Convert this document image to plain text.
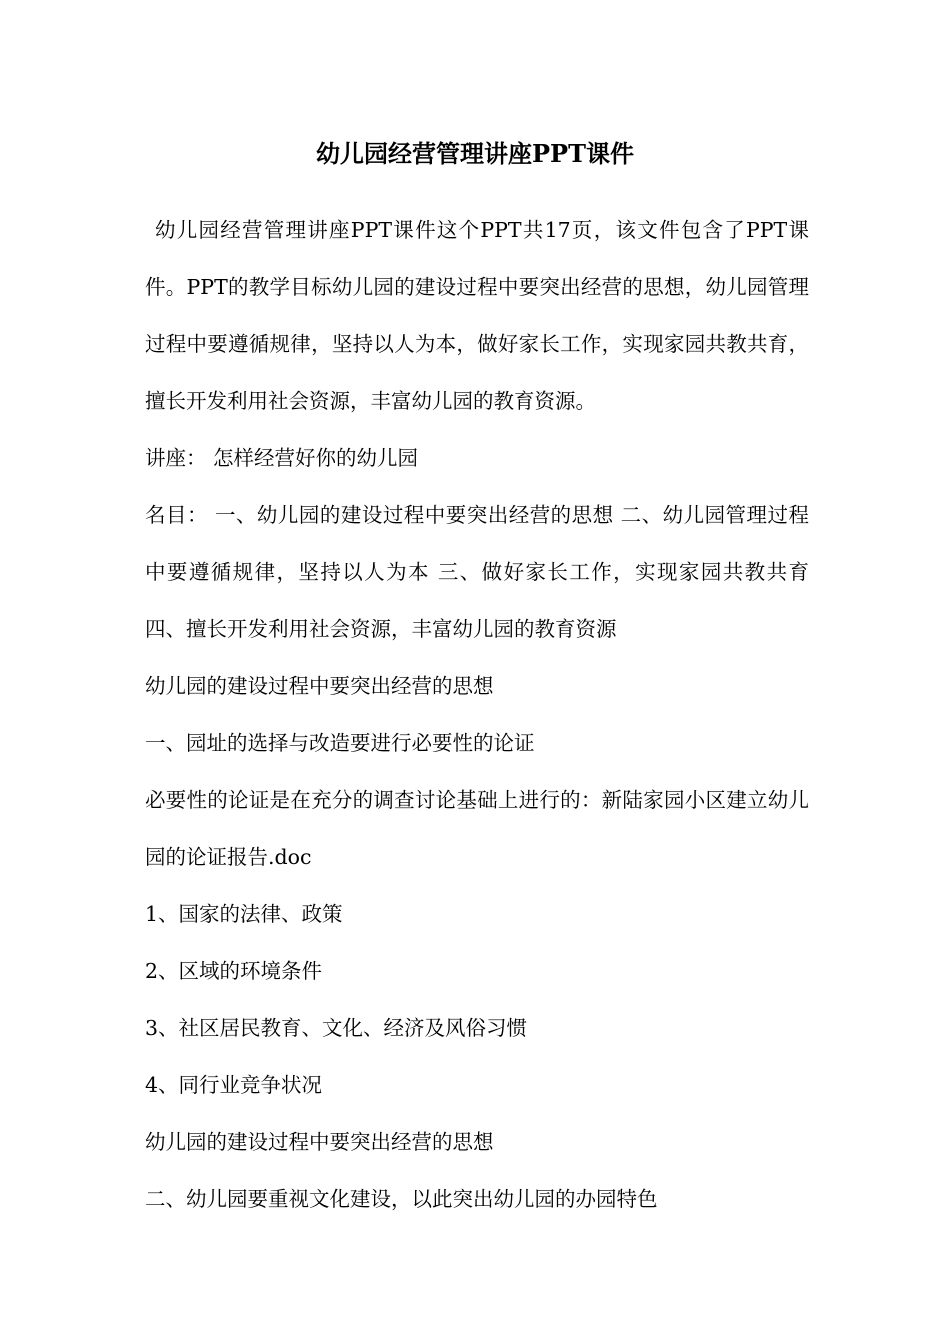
幼儿园经营管理讲座PPT课件

幼儿园经营管理讲座PPT课件这个PPT共17页，该文件包含了PPT课件。PPT的教学目标幼儿园的建设过程中要突出经营的思想，幼儿园管理过程中要遵循规律，坚持以人为本，做好家长工作，实现家园共教共育，擅长开发利用社会资源，丰富幼儿园的教育资源。

讲座： 怎样经营好你的幼儿园

名目： 一、幼儿园的建设过程中要突出经营的思想 二、幼儿园管理过程中要遵循规律，坚持以人为本 三、做好家长工作，实现家园共教共育 四、擅长开发利用社会资源，丰富幼儿园的教育资源

幼儿园的建设过程中要突出经营的思想

一、园址的选择与改造要进行必要性的论证

必要性的论证是在充分的调查讨论基础上进行的：新陆家园小区建立幼儿园的论证报告.doc

1、国家的法律、政策

2、区域的环境条件

3、社区居民教育、文化、经济及风俗习惯

4、同行业竞争状况

幼儿园的建设过程中要突出经营的思想

二、幼儿园要重视文化建设，以此突出幼儿园的办园特色
